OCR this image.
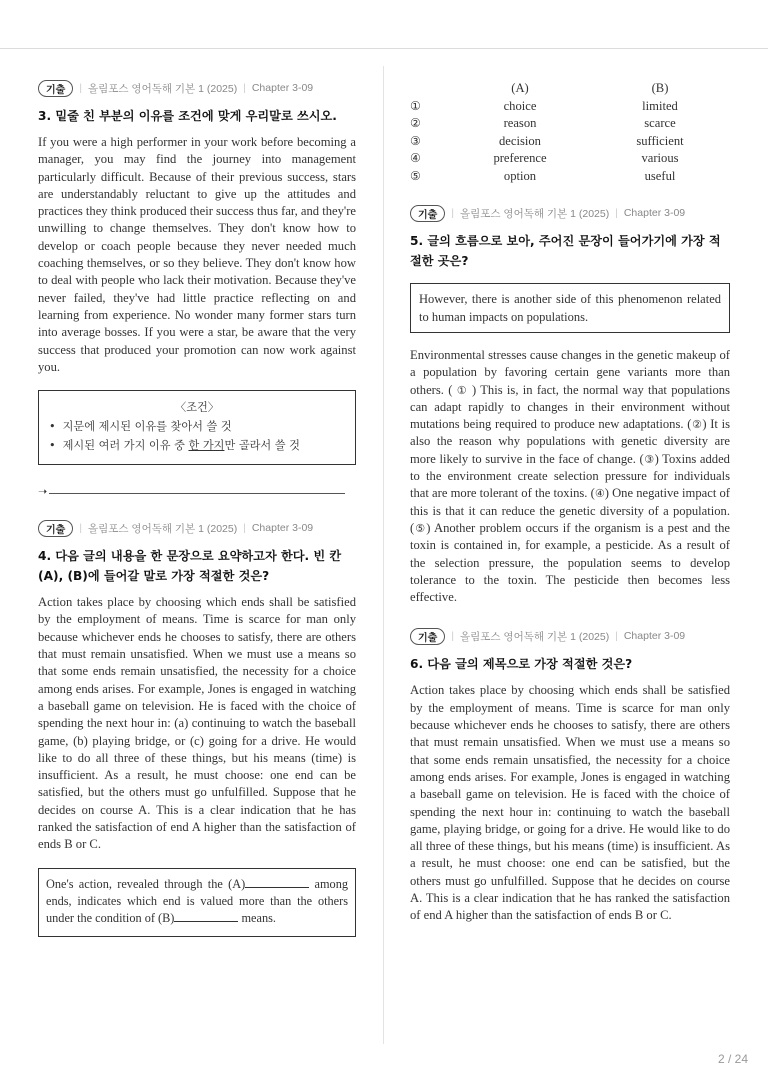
기출	| 올림포스 영어독해 기본 1 (2025) | Chapter 3-09
3. 밑줄 친 부분의 이유를 조건에 맞게 우리말로 쓰시오.
If you were a high performer in your work before becoming a manager, you may find the journey into management particularly difficult. Because of their previous success, stars are understandably reluctant to give up the attitudes and practices they think produced their success thus far, and they're unwilling to change themselves. They don't know how to develop or coach people because they never needed much coaching themselves, or so they believe. They don't know how to deal with people who lack their motivation. Because they've never failed, they've had little practice reflecting on and learning from experience. No wonder many former stars turn into average bosses. If you were a star, be aware that the very success that produced your promotion can now work against you.
〈조건〉
• 지문에 제시된 이유를 찾아서 쓸 것
• 제시된 여러 가지 이유 중 한 가지만 골라서 쓸 것
➝
기출	| 올림포스 영어독해 기본 1 (2025) | Chapter 3-09
4. 다음 글의 내용을 한 문장으로 요약하고자 한다. 빈 칸 (A), (B)에 들어갈 말로 가장 적절한 것은?
Action takes place by choosing which ends shall be satisfied by the employment of means. Time is scarce for man only because whichever ends he chooses to satisfy, there are others that must remain unsatisfied. When we must use a means so that some ends remain unsatisfied, the necessity for a choice among ends arises. For example, Jones is engaged in watching a baseball game on television. He is faced with the choice of spending the next hour in: (a) continuing to watch the baseball game, (b) playing bridge, or (c) going for a drive. He would like to do all three of these things, but his means (time) is insufficient. As a result, he must choose: one end can be satisfied, but the others must go unfulfilled. Suppose that he decides on course A. This is a clear indication that he has ranked the satisfaction of end A higher than the satisfaction of ends B or C.
One's action, revealed through the (A)	among ends, indicates which end is valued more than the others under the condition of (B)	means.
(A)	(B)
①	choice	limited
②	reason	scarce
③	decision	sufficient
④	preference	various
⑤	option	useful
기출	| 올림포스 영어독해 기본 1 (2025) | Chapter 3-09
5. 글의 흐름으로 보아, 주어진 문장이 들어가기에 가장 적절한 곳은?
However, there is another side of this phenomenon related to human impacts on populations.
Environmental stresses cause changes in the genetic makeup of a population by favoring certain gene variants more than others. ( ① ) This is, in fact, the normal way that populations can adapt rapidly to changes in their environment without mutations being required to produce new adaptations. (②) It is also the reason why populations with genetic diversity are more likely to survive in the face of change. (③) Toxins added to the environment create selection pressure for individuals that are more tolerant of the toxins. (④) One negative impact of this is that it can reduce the genetic diversity of a population. (⑤) Another problem occurs if the organism is a pest and the toxin is contained in, for example, a pesticide. As a result of the selection pressure, the population seems to develop tolerance to the toxin. The pesticide then becomes less effective.
기출	| 올림포스 영어독해 기본 1 (2025) | Chapter 3-09
6. 다음 글의 제목으로 가장 적절한 것은?
Action takes place by choosing which ends shall be satisfied by the employment of means. Time is scarce for man only because whichever ends he chooses to satisfy, there are others that must remain unsatisfied. When we must use a means so that some ends remain unsatisfied, the necessity for a choice among ends arises. For example, Jones is engaged in watching a baseball game on television. He is faced with the choice of spending the next hour in: continuing to watch the baseball game, playing bridge, or going for a drive. He would like to do all three of these things, but his means (time) is insufficient. As a result, he must choose: one end can be satisfied, but the others must go unfulfilled. Suppose that he decides on course A. This is a clear indication that he has ranked the satisfaction of end A higher than the satisfaction of ends B or C.
2 / 24
